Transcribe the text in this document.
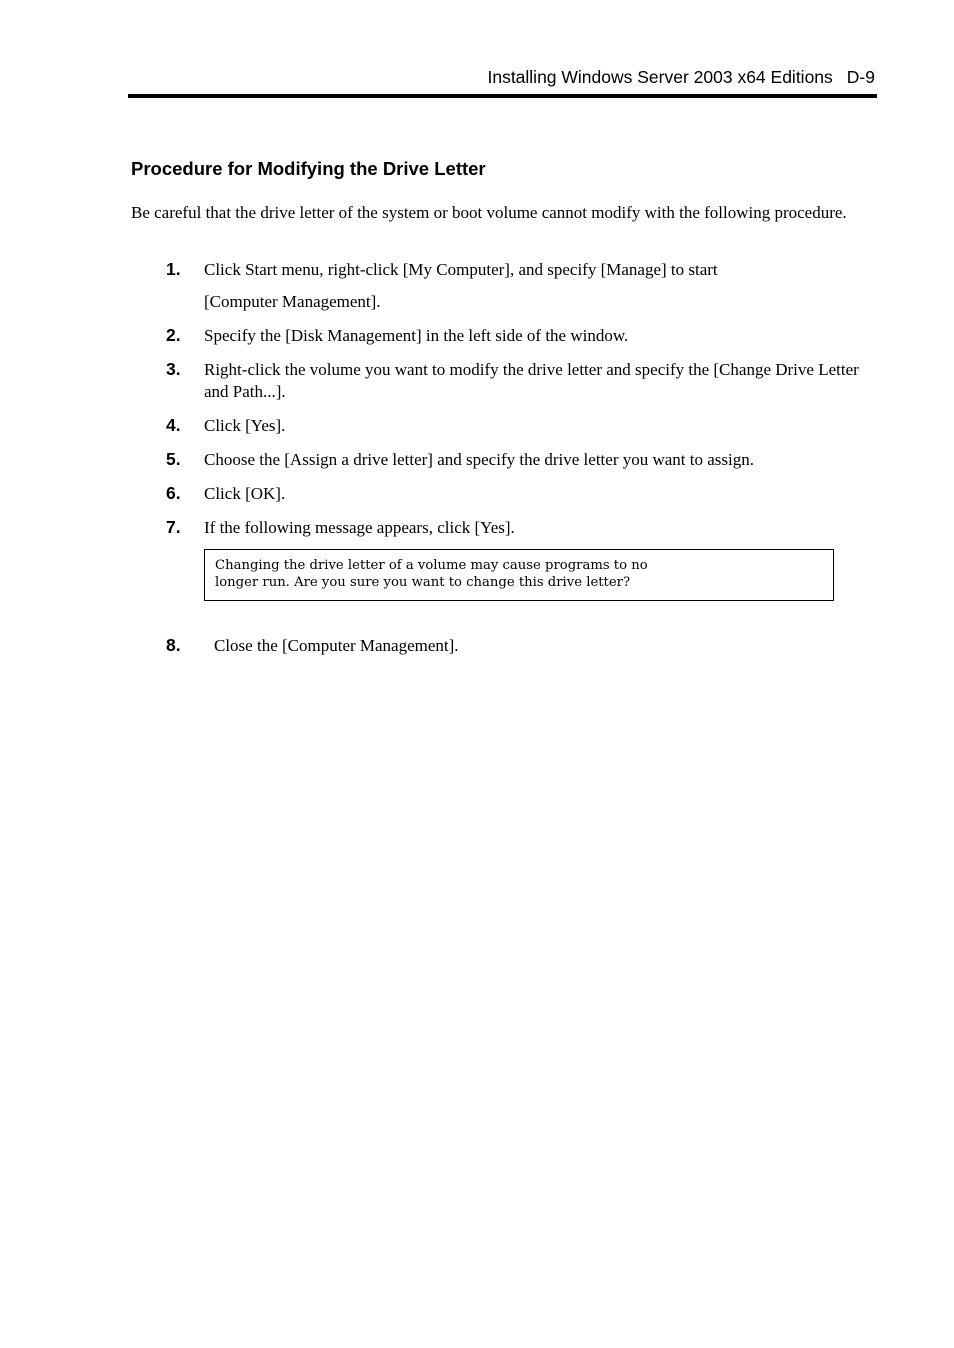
Installing Windows Server 2003 x64 Editions D-9
Procedure for Modifying the Drive Letter

Be careful that the drive letter of the system or boot volume cannot modify with the following procedure.

1. Click Start menu, right-click [My Computer], and specify [Manage] to start [Computer Management].

2. Specify the [Disk Management] in the left side of the window.

3. Right-click the volume you want to modify the drive letter and specify the [Change Drive Letter and Path...].

4. Click [Yes].

5. Choose the [Assign a drive letter] and specify the drive letter you want to assign.

6. Click [OK].

7. If the following message appears, click [Yes].

Changing the drive letter of a volume may cause programs to no
longer run. Are you sure you want to change this drive letter?
8. Close the [Computer Management].
